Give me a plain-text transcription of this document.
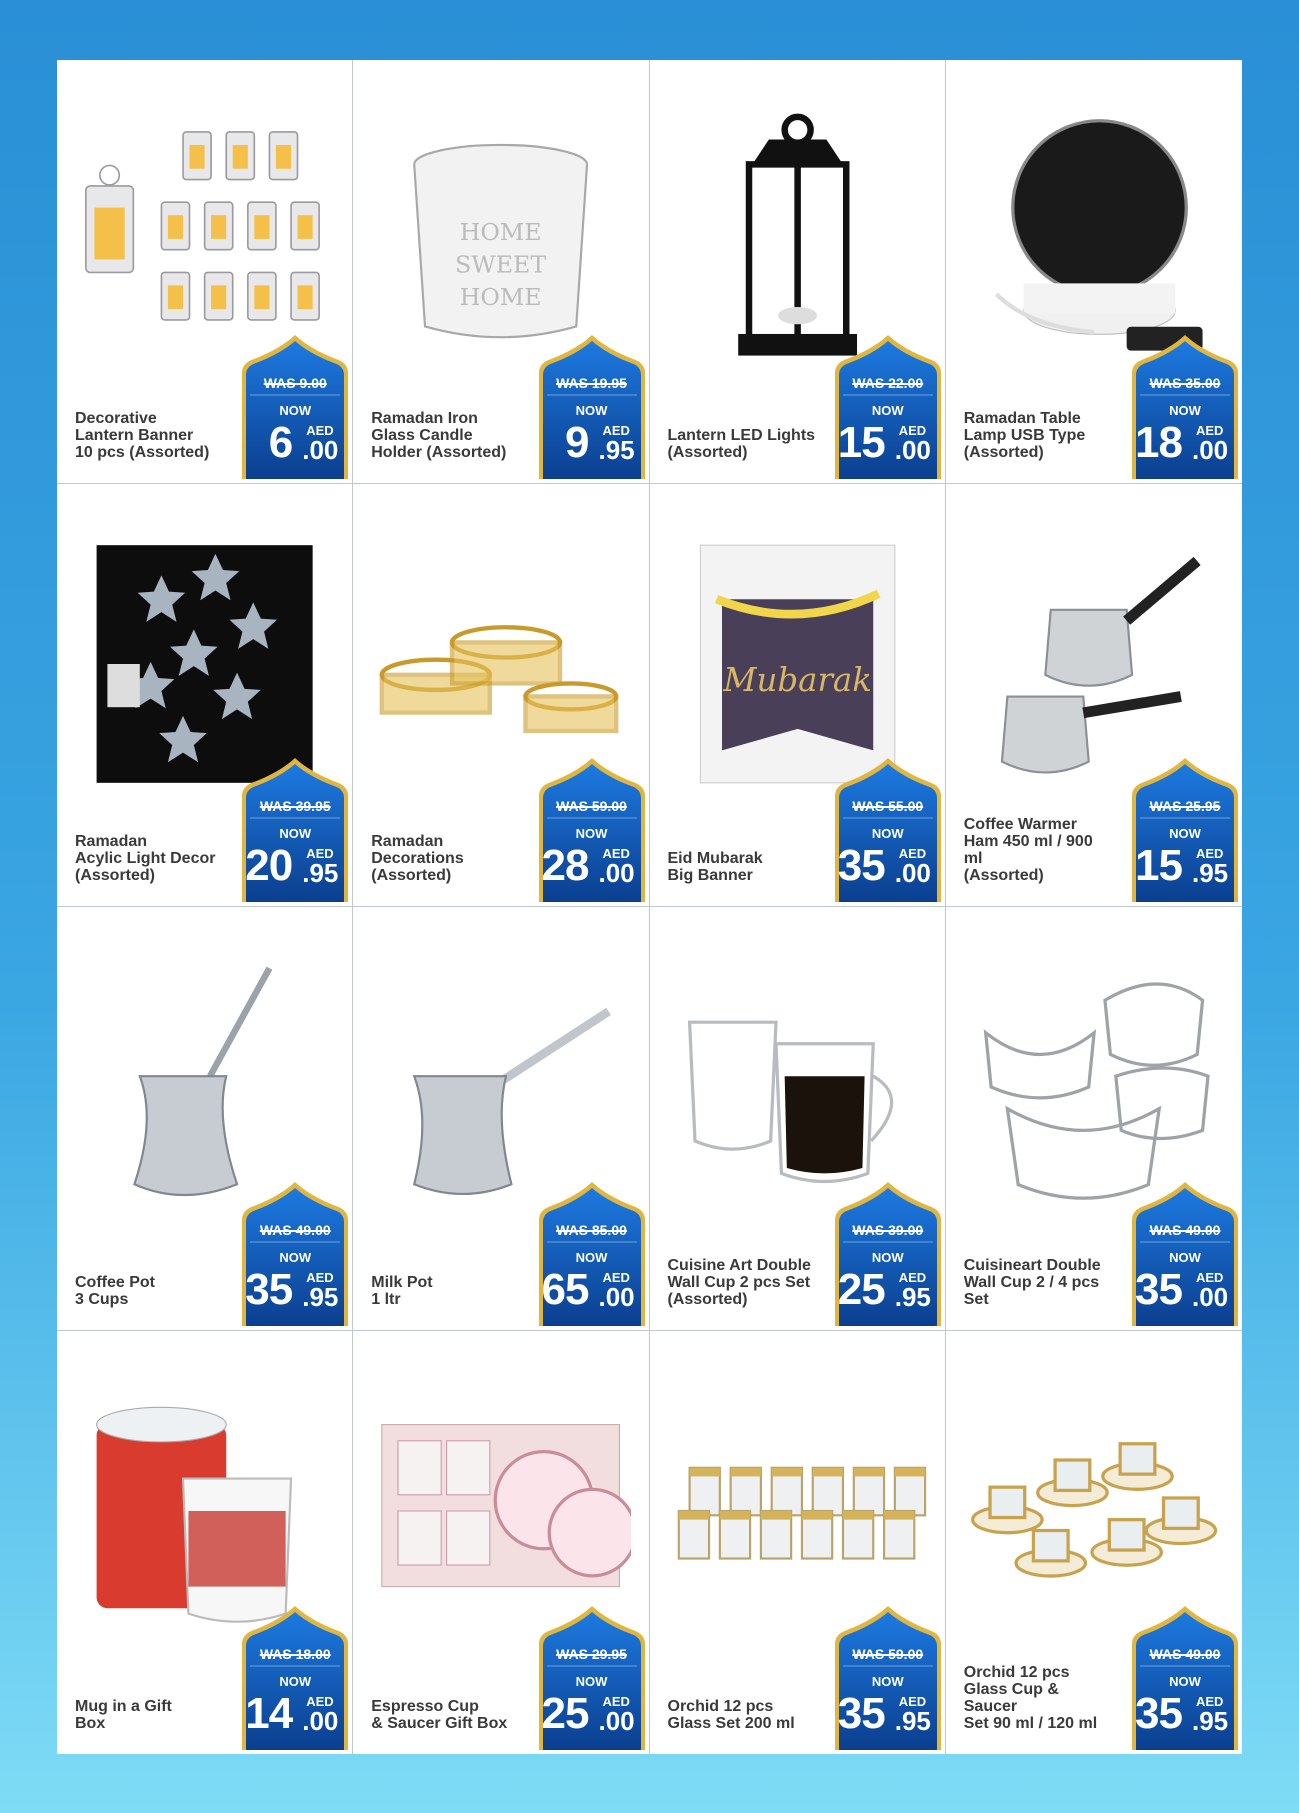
Decorative
Lantern Banner
10 pcs (Assorted)
WAS 9.00
NOW
6 AED
.00
HOME
SWEET
HOME
Ramadan Iron
Glass Candle
Holder (Assorted)
WAS 19.95
NOW
9 AED
.95 Lantern LED Lights
(Assorted)
WAS 22.00
NOW
15 AED
.00
Ramadan Table
Lamp USB Type
(Assorted)
WAS 35.00
NOW
18 AED
.00
Ramadan
Acylic Light Decor
(Assorted)
WAS 39.95
NOW
20 AED
.95
Ramadan
Decorations
(Assorted)
WAS 59.00
NOW
28 AED
.00
Mubarak
Eid Mubarak
Big Banner
WAS 55.00
NOW
35 AED
.00
Coffee Warmer
Ham 450 ml / 900 ml
(Assorted)
WAS 25.95
NOW
15 AED
.95
Coffee Pot
3 Cups
WAS 49.00
NOW
35 AED
.95 Milk Pot
1 ltr
WAS 85.00
NOW
65 AED
.00
Cuisine Art Double
Wall Cup 2 pcs Set
(Assorted)
WAS 39.00
NOW
25 AED
.95
Cuisineart Double
Wall Cup 2 / 4 pcs Set
WAS 49.00
NOW
35 AED
.00
Mug in a Gift
Box
WAS 18.00
NOW
14 AED
.00 Espresso Cup
& Saucer Gift Box
WAS 29.95
NOW
25 AED
.00 Orchid 12 pcs
Glass Set 200 ml
WAS 59.00
NOW
35 AED
.95
Orchid 12 pcs
Glass Cup & Saucer
Set 90 ml / 120 ml
WAS 49.00
NOW
35 AED
.95
